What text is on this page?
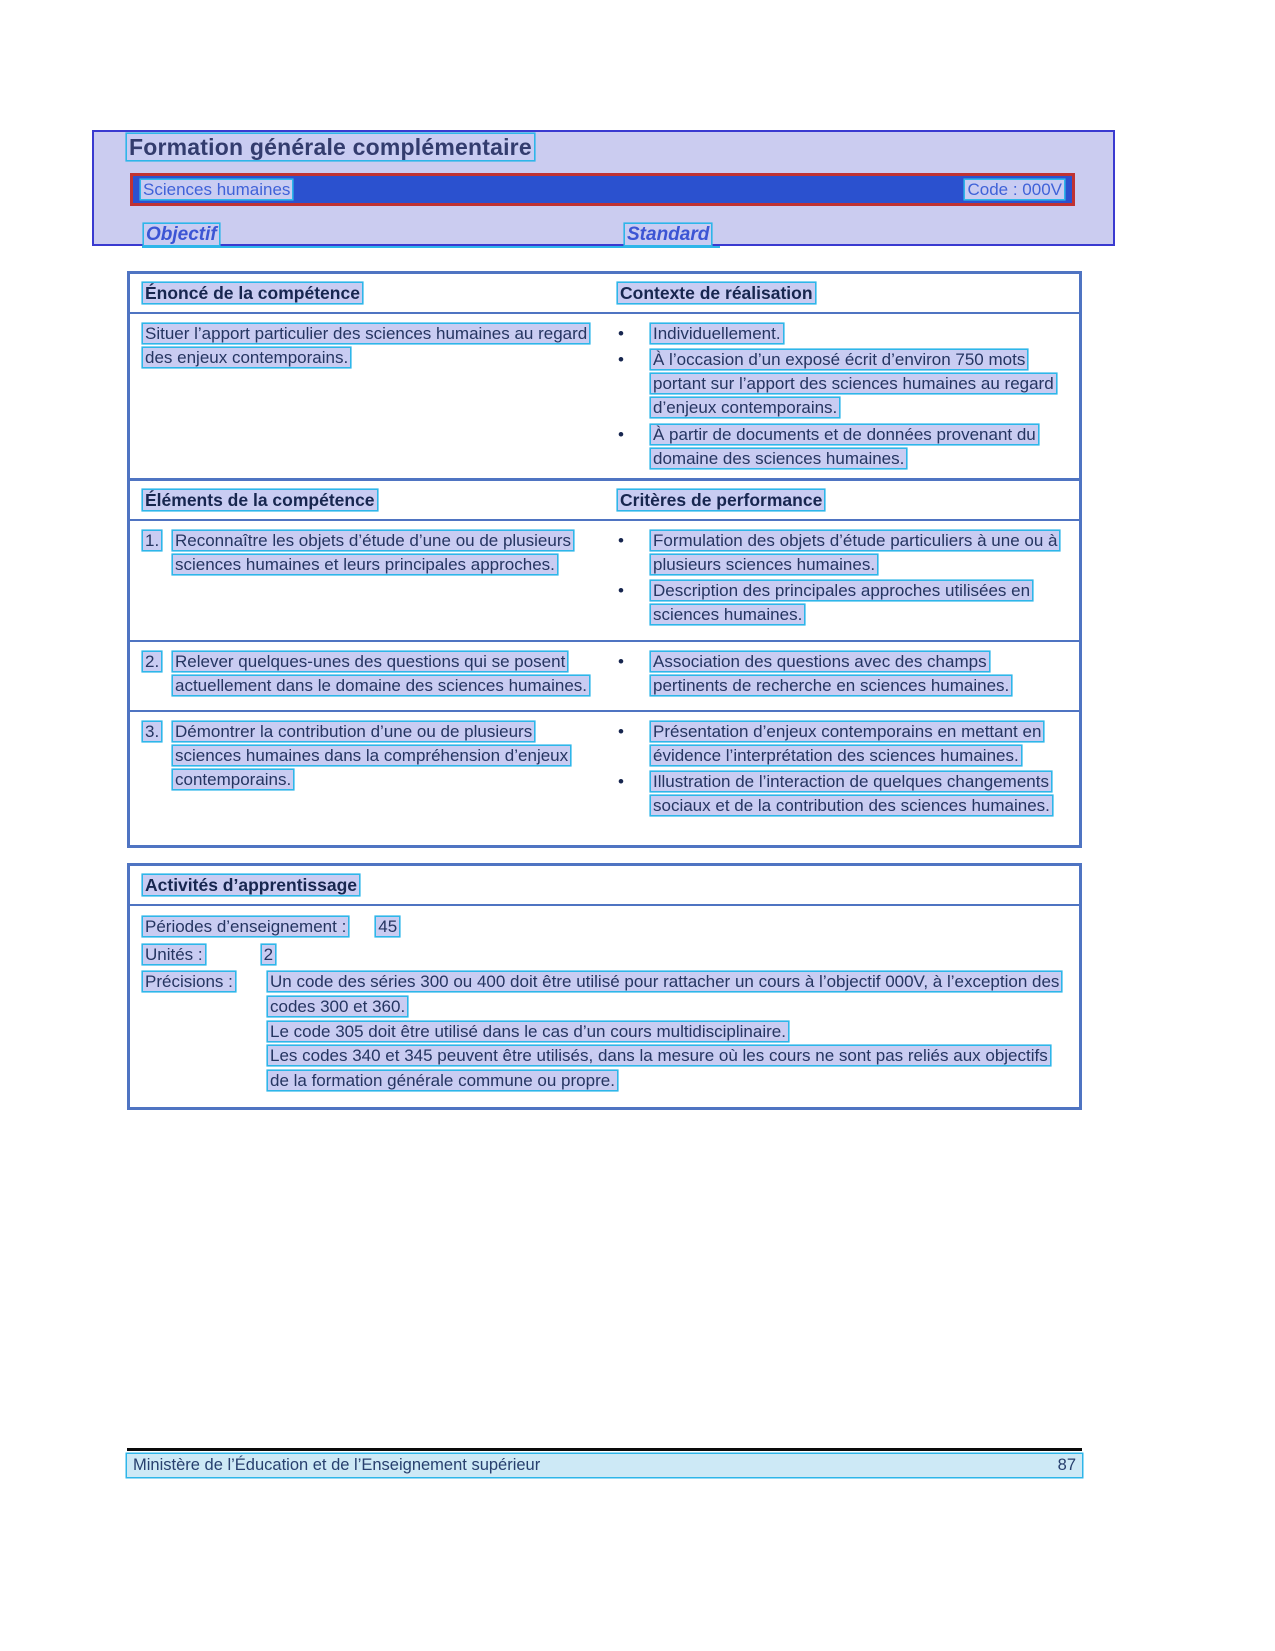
Formation générale complémentaire
Sciences humaines	Code : 000V
Objectif	Standard
Énoncé de la compétence	Contexte de réalisation
Situer l’apport particulier des sciences humaines au regard des enjeux contemporains.
•	Individuellement.
•	À l’occasion d’un exposé écrit d’environ 750 mots portant sur l’apport des sciences humaines au regard d’enjeux contemporains.
•	À partir de documents et de données provenant du domaine des sciences humaines.
Éléments de la compétence	Critères de performance
1. Reconnaître les objets d’étude d’une ou de plusieurs sciences humaines et leurs principales approches.
•	Formulation des objets d’étude particuliers à une ou à plusieurs sciences humaines.
•	Description des principales approches utilisées en sciences humaines.
2. Relever quelques-unes des questions qui se posent actuellement dans le domaine des sciences humaines.
•	Association des questions avec des champs pertinents de recherche en sciences humaines.
3. Démontrer la contribution d’une ou de plusieurs sciences humaines dans la compréhension d’enjeux contemporains.
•	Présentation d’enjeux contemporains en mettant en évidence l’interprétation des sciences humaines.
•	Illustration de l’interaction de quelques changements sociaux et de la contribution des sciences humaines.
Activités d’apprentissage
Périodes d’enseignement : 45
Unités :	2
Précisions :	Un code des séries 300 ou 400 doit être utilisé pour rattacher un cours à l’objectif 000V, à l’exception des codes 300 et 360.

Le code 305 doit être utilisé dans le cas d’un cours multidisciplinaire.

Les codes 340 et 345 peuvent être utilisés, dans la mesure où les cours ne sont pas reliés aux objectifs de la formation générale commune ou propre.

Ministère de l’Éducation et de l’Enseignement supérieur	87
